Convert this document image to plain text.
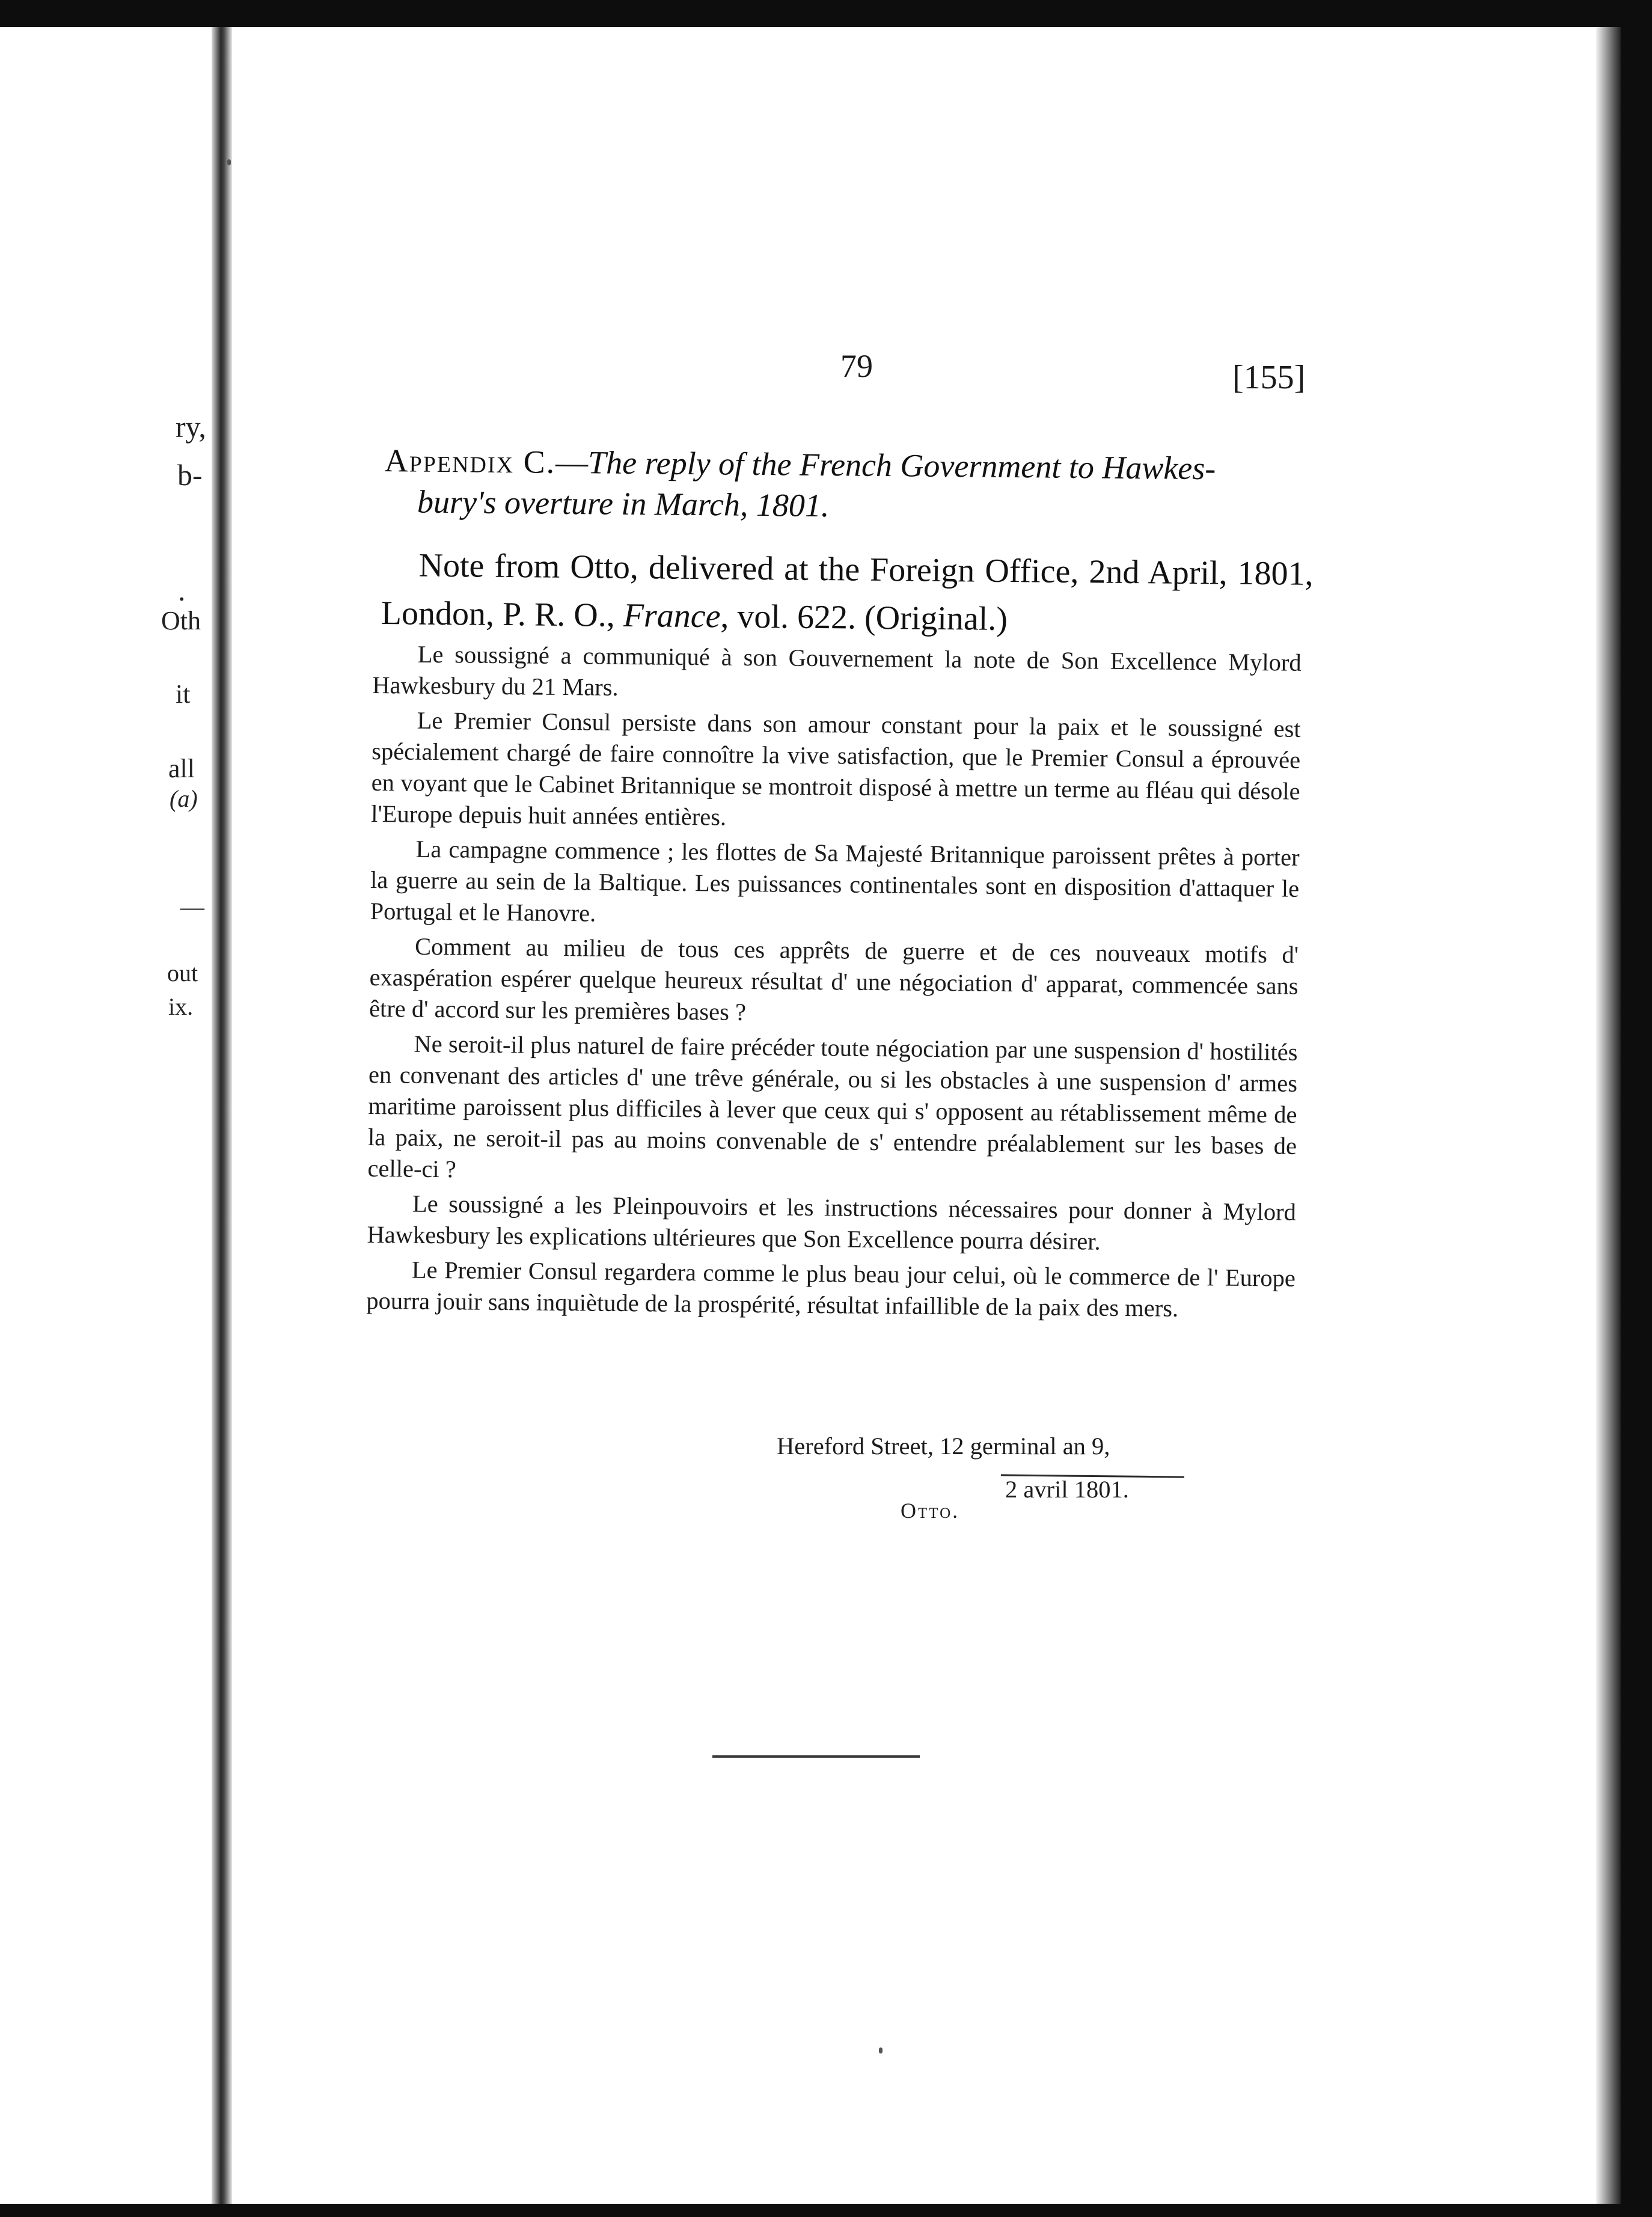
ry,
b-
.
Oth
it
all
(a)
—
out
ix.
79	[155]
Appendix C.—The reply of the French Government to Hawkes-
bury's overture in March, 1801.
Note from Otto, delivered at the Foreign Office, 2nd April, 1801, London, P. R. O., France, vol. 622. (Original.)

Le soussigné a communiqué à son Gouvernement la note de Son Excellence Mylord Hawkesbury du 21 Mars.

Le Premier Consul persiste dans son amour constant pour la paix et le soussigné est spécialement chargé de faire connoître la vive satisfaction, que le Premier Consul a éprouvée en voyant que le Cabinet Britannique se montroit disposé à mettre un terme au fléau qui désole l'Europe depuis huit années entières.

La campagne commence ; les flottes de Sa Majesté Britannique paroissent prêtes à porter la guerre au sein de la Baltique. Les puissances continentales sont en disposition d'attaquer le Portugal et le Hanovre.

Comment au milieu de tous ces apprêts de guerre et de ces nouveaux motifs d' exaspération espérer quelque heureux résultat d' une négociation d' apparat, commencée sans être d' accord sur les premières bases ?

Ne seroit-il plus naturel de faire précéder toute négociation par une suspension d' hostilités en convenant des articles d' une trêve générale, ou si les obstacles à une suspension d' armes maritime paroissent plus difficiles à lever que ceux qui s' opposent au rétablissement même de la paix, ne seroit-il pas au moins convenable de s' entendre préalablement sur les bases de celle-ci ?

Le soussigné a les Pleinpouvoirs et les instructions nécessaires pour donner à Mylord Hawkesbury les explications ultérieures que Son Excellence pourra désirer.

Le Premier Consul regardera comme le plus beau jour celui, où le commerce de l' Europe pourra jouir sans inquiètude de la prospérité, résultat infaillible de la paix des mers.

Hereford Street, 12 germinal an 9,
2 avril 1801.
Otto.
